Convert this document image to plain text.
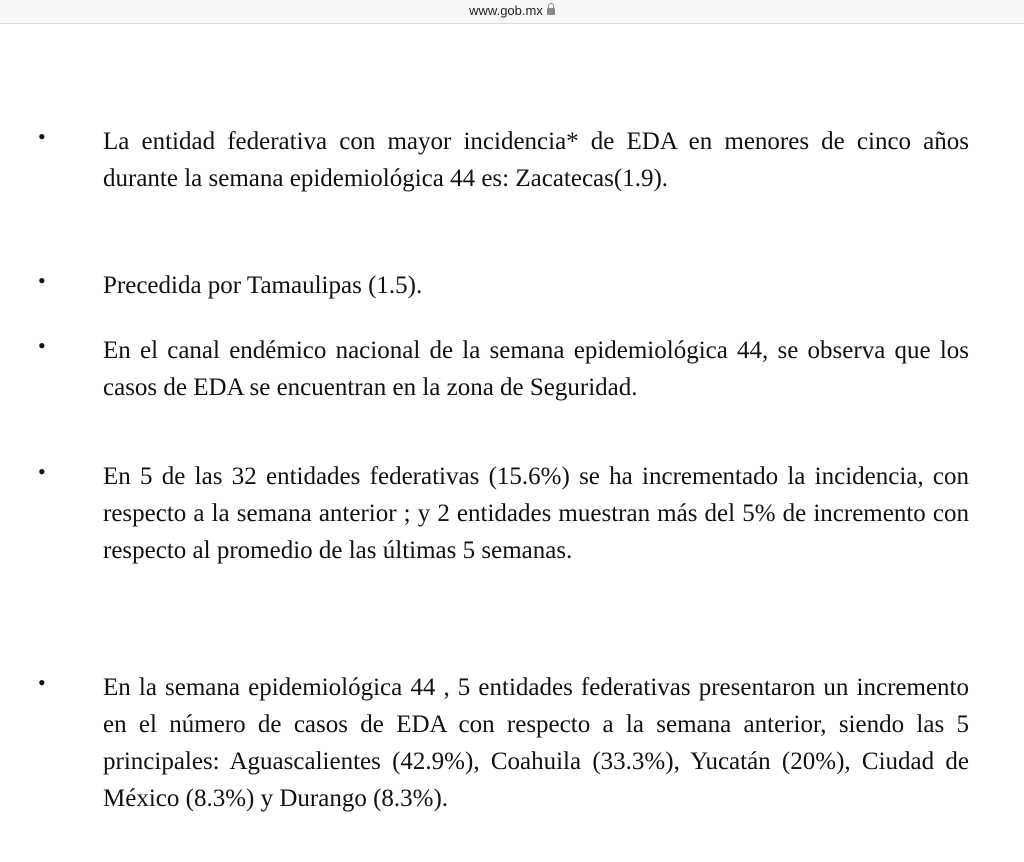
www.gob.mx
• La entidad federativa con mayor incidencia* de EDA en menores de cinco años durante la semana epidemiológica 44 es: Zacatecas(1.9).

• Precedida por Tamaulipas (1.5).

• En el canal endémico nacional de la semana epidemiológica 44, se observa que los casos de EDA se encuentran en la zona de Seguridad.

• En 5 de las 32 entidades federativas (15.6%) se ha incrementado la incidencia, con respecto a la semana anterior ; y 2 entidades muestran más del 5% de incremento con respecto al promedio de las últimas 5 semanas.

• En la semana epidemiológica 44 , 5 entidades federativas presentaron un incremento en el número de casos de EDA con respecto a la semana anterior, siendo las 5 principales: Aguascalientes (42.9%), Coahuila (33.3%), Yucatán (20%), Ciudad de México (8.3%) y Durango (8.3%).
